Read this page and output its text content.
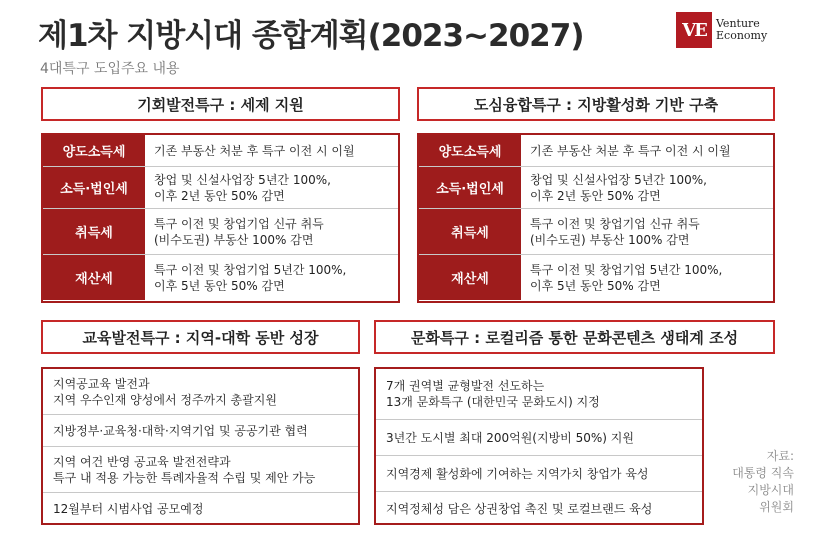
제1차 지방시대 종합계획(2023~2027)
4대특구 도입주요 내용
VE Venture
Economy
기회발전특구 : 세제 지원
양도소득세	기존 부동산 처분 후 특구 이전 시 이월
소득·법인세
창업 및 신설사업장 5년간 100%,
이후 2년 동안 50% 감면
취득세
특구 이전 및 창업기업 신규 취득
(비수도권) 부동산 100% 감면
재산세
특구 이전 및 창업기업 5년간 100%,
이후 5년 동안 50% 감면
도심융합특구 : 지방활성화 기반 구축
양도소득세	기존 부동산 처분 후 특구 이전 시 이월
소득·법인세
창업 및 신설사업장 5년간 100%,
이후 2년 동안 50% 감면
취득세
특구 이전 및 창업기업 신규 취득
(비수도권) 부동산 100% 감면
재산세
특구 이전 및 창업기업 5년간 100%,
이후 5년 동안 50% 감면
교육발전특구 : 지역-대학 동반 성장
지역공교육 발전과
지역 우수인재 양성에서 정주까지 총괄지원
지방정부·교육청·대학·지역기업 및 공공기관 협력
지역 여건 반영 공교육 발전전략과
특구 내 적용 가능한 특례자율적 수립 및 제안 가능
12월부터 시범사업 공모예정
문화특구 : 로컬리즘 통한 문화콘텐츠 생태계 조성
7개 권역별 균형발전 선도하는
13개 문화특구 (대한민국 문화도시) 지정
3년간 도시별 최대 200억원(지방비 50%) 지원
지역경제 활성화에 기여하는 지역가치 창업가 육성
지역정체성 담은 상권창업 촉진 및 로컬브랜드 육성
자료:
대통령 직속
지방시대
위원회
